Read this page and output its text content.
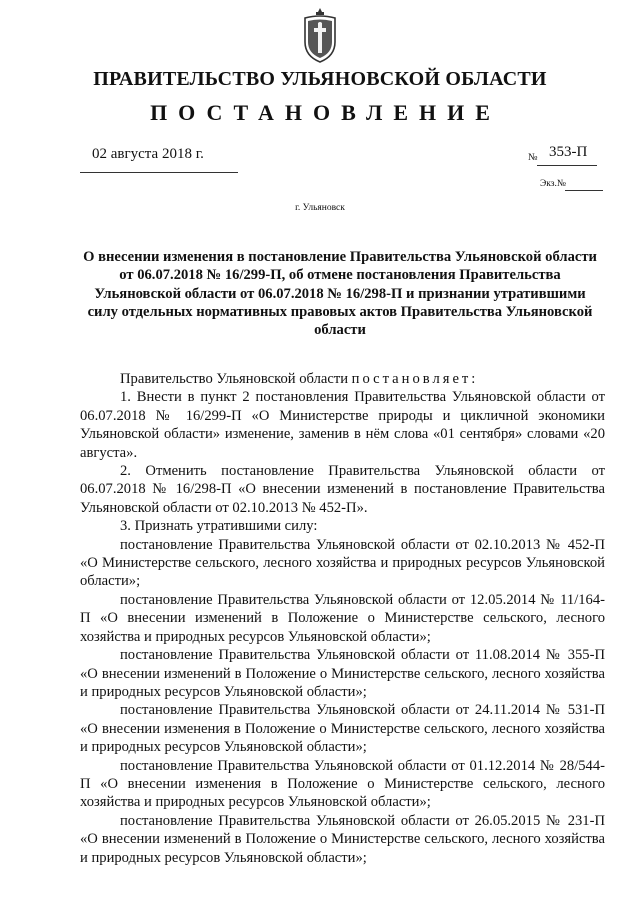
ПРАВИТЕЛЬСТВО УЛЬЯНОВСКОЙ ОБЛАСТИ
ПОСТАНОВЛЕНИЕ
02 августа 2018 г.	№ 353-П
Экз.№
г. Ульяновск
О внесении изменения в постановление Правительства Ульяновской области от 06.07.2018 № 16/299-П, об отмене постановления Правительства Ульяновской области от 06.07.2018 № 16/298-П и признании утратившими силу отдельных нормативных правовых актов Правительства Ульяновской области

Правительство Ульяновской области постановляет:

1. Внести в пункт 2 постановления Правительства Ульяновской области от 06.07.2018 № 16/299-П «О Министерстве природы и цикличной экономики Ульяновской области» изменение, заменив в нём слова «01 сентября» словами «20 августа».

2. Отменить постановление Правительства Ульяновской области от 06.07.2018 № 16/298-П «О внесении изменений в постановление Правительства Ульяновской области от 02.10.2013 № 452-П».

3. Признать утратившими силу:

постановление Правительства Ульяновской области от 02.10.2013 № 452-П «О Министерстве сельского, лесного хозяйства и природных ресурсов Ульяновской области»;

постановление Правительства Ульяновской области от 12.05.2014 № 11/164-П «О внесении изменений в Положение о Министерстве сельского, лесного хозяйства и природных ресурсов Ульяновской области»;

постановление Правительства Ульяновской области от 11.08.2014 № 355-П «О внесении изменений в Положение о Министерстве сельского, лесного хозяйства и природных ресурсов Ульяновской области»;

постановление Правительства Ульяновской области от 24.11.2014 № 531-П «О внесении изменения в Положение о Министерстве сельского, лесного хозяйства и природных ресурсов Ульяновской области»;

постановление Правительства Ульяновской области от 01.12.2014 № 28/544-П «О внесении изменения в Положение о Министерстве сельского, лесного хозяйства и природных ресурсов Ульяновской области»;

постановление Правительства Ульяновской области от 26.05.2015 № 231-П «О внесении изменений в Положение о Министерстве сельского, лесного хозяйства и природных ресурсов Ульяновской области»;
